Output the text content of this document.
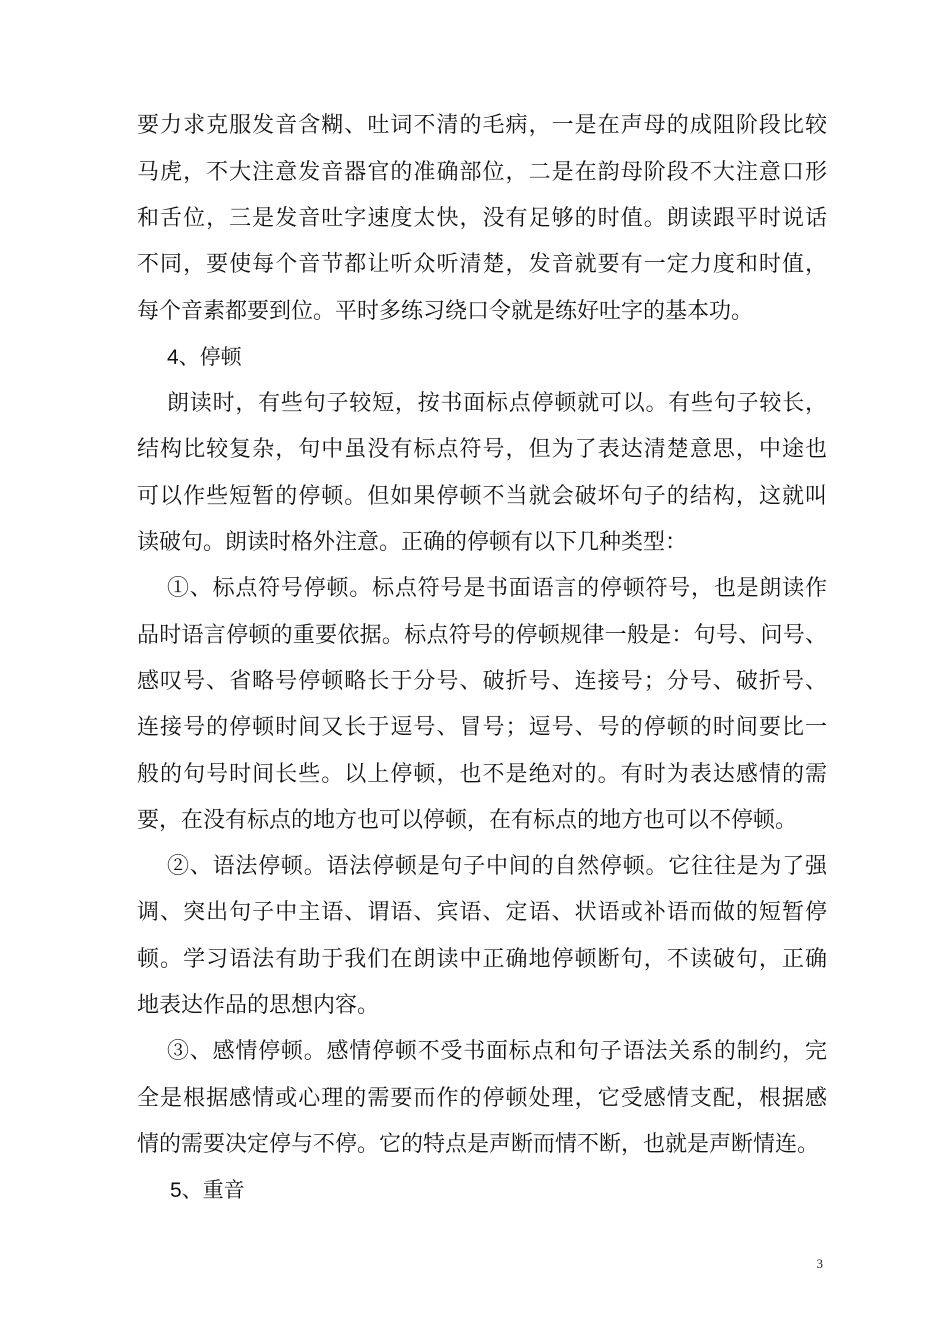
要力求克服发音含糊、吐词不清的毛病，一是在声母的成阻阶段比较
马虎，不大注意发音器官的准确部位，二是在韵母阶段不大注意口形
和舌位，三是发音吐字速度太快，没有足够的时值。朗读跟平时说话
不同，要使每个音节都让听众听清楚，发音就要有一定力度和时值，
每个音素都要到位。平时多练习绕口令就是练好吐字的基本功。
4、停顿
朗读时，有些句子较短，按书面标点停顿就可以。有些句子较长，
结构比较复杂，句中虽没有标点符号，但为了表达清楚意思，中途也
可以作些短暂的停顿。但如果停顿不当就会破坏句子的结构，这就叫
读破句。朗读时格外注意。正确的停顿有以下几种类型：
①、标点符号停顿。标点符号是书面语言的停顿符号，也是朗读作
品时语言停顿的重要依据。标点符号的停顿规律一般是：句号、问号、
感叹号、省略号停顿略长于分号、破折号、连接号；分号、破折号、
连接号的停顿时间又长于逗号、冒号；逗号、号的停顿的时间要比一
般的句号时间长些。以上停顿，也不是绝对的。有时为表达感情的需
要，在没有标点的地方也可以停顿，在有标点的地方也可以不停顿。
②、语法停顿。语法停顿是句子中间的自然停顿。它往往是为了强
调、突出句子中主语、谓语、宾语、定语、状语或补语而做的短暂停
顿。学习语法有助于我们在朗读中正确地停顿断句，不读破句，正确
地表达作品的思想内容。
③、感情停顿。感情停顿不受书面标点和句子语法关系的制约，完
全是根据感情或心理的需要而作的停顿处理，它受感情支配，根据感
情的需要决定停与不停。它的特点是声断而情不断，也就是声断情连。
5、重音
3
